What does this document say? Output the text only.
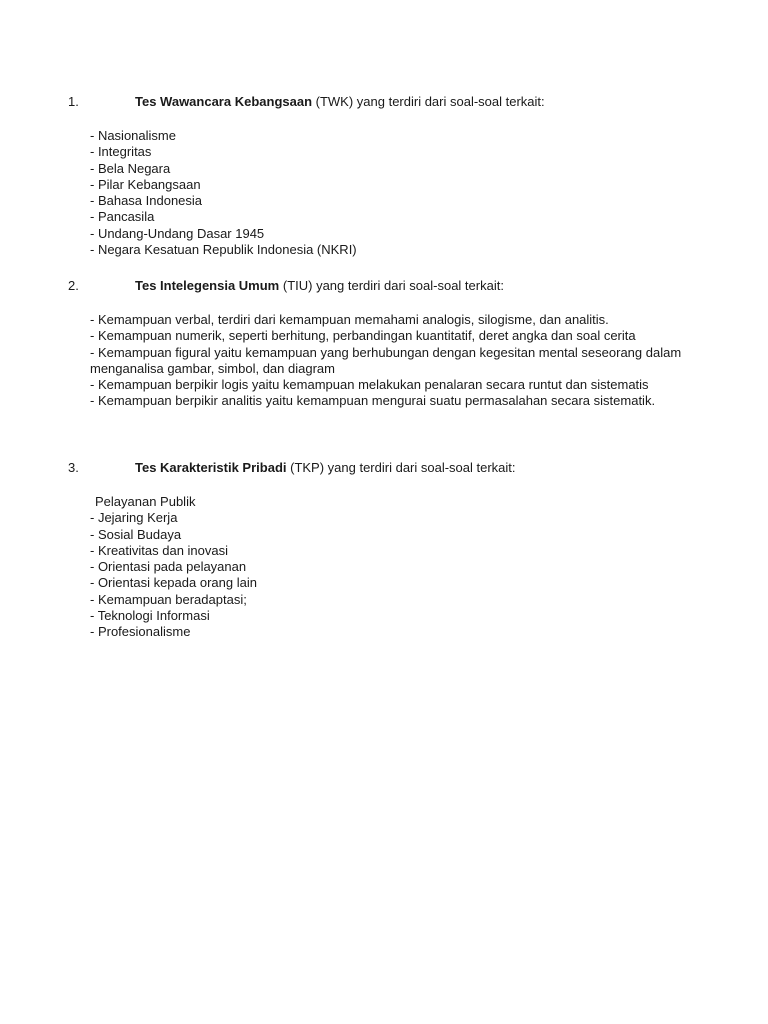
1.	Tes Wawancara Kebangsaan (TWK) yang terdiri dari soal-soal terkait:
- Nasionalisme
- Integritas
- Bela Negara
- Pilar Kebangsaan
- Bahasa Indonesia
- Pancasila
- Undang-Undang Dasar 1945
- Negara Kesatuan Republik Indonesia (NKRI)
2.	Tes Intelegensia Umum (TIU) yang terdiri dari soal-soal terkait:
- Kemampuan verbal, terdiri dari kemampuan memahami analogis, silogisme, dan analitis.
- Kemampuan numerik, seperti berhitung, perbandingan kuantitatif, deret angka dan soal cerita
- Kemampuan figural yaitu kemampuan yang berhubungan dengan kegesitan mental seseorang dalam menganalisa gambar, simbol, dan diagram
- Kemampuan berpikir logis yaitu kemampuan melakukan penalaran secara runtut dan sistematis
- Kemampuan berpikir analitis yaitu kemampuan mengurai suatu permasalahan secara sistematik.
3.	Tes Karakteristik Pribadi (TKP) yang terdiri dari soal-soal terkait:
Pelayanan Publik
- Jejaring Kerja
- Sosial Budaya
- Kreativitas dan inovasi
- Orientasi pada pelayanan
- Orientasi kepada orang lain
- Kemampuan beradaptasi;
- Teknologi Informasi
- Profesionalisme
